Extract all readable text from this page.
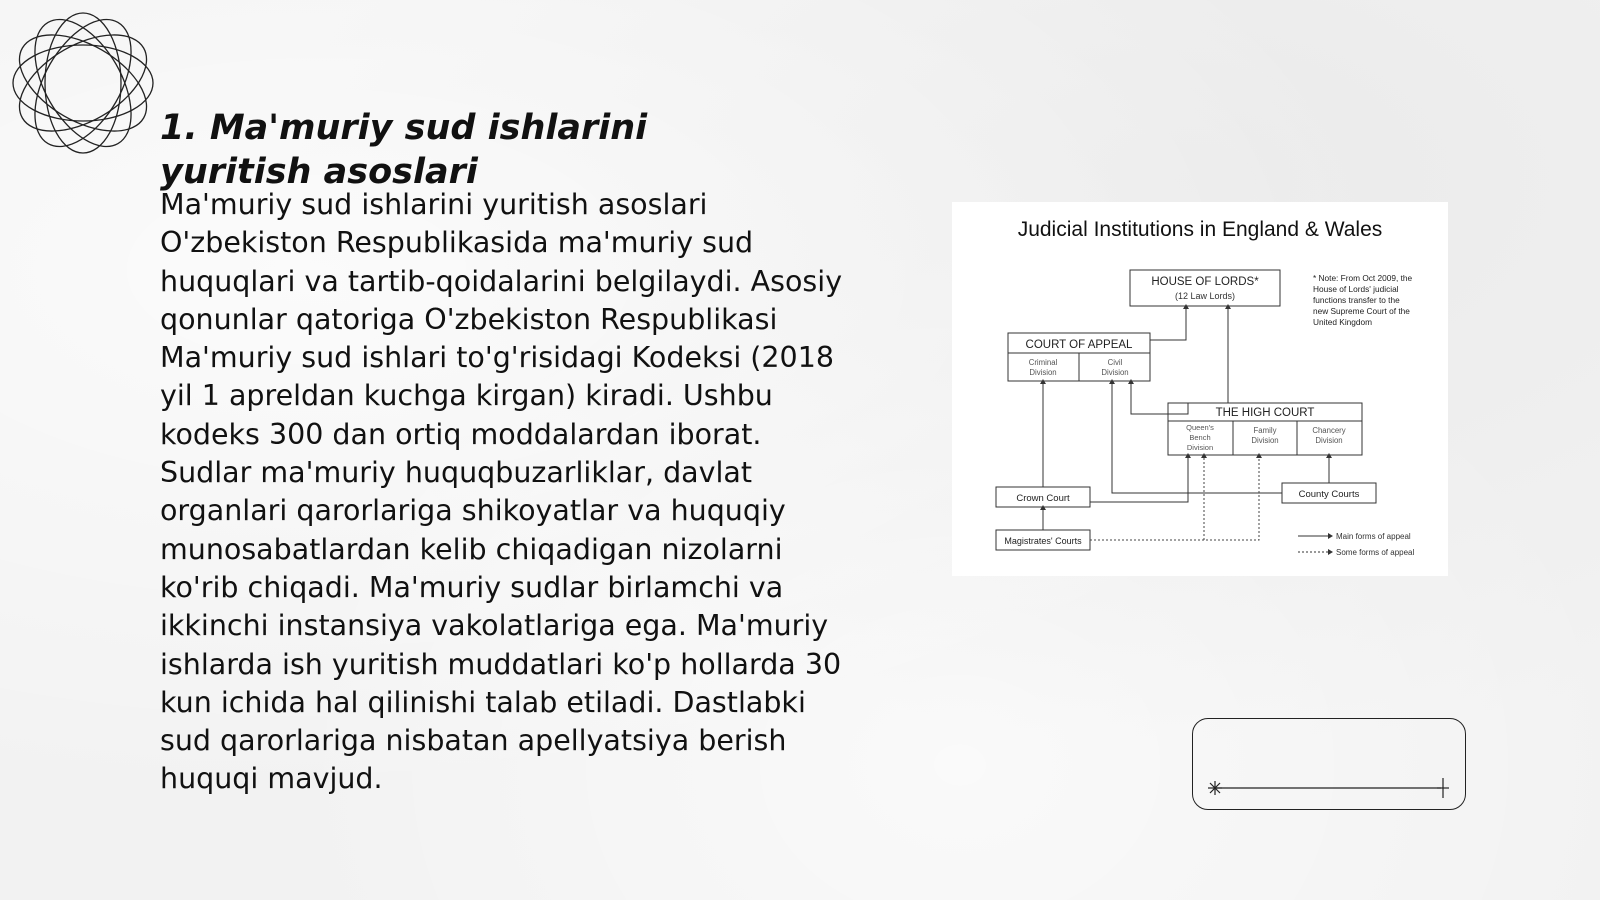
1. Ma'muriy sud ishlarini yuritish asoslari

Ma'muriy sud ishlarini yuritish asoslari O'zbekiston Respublikasida ma'muriy sud huquqlari va tartib-qoidalarini belgilaydi. Asosiy qonunlar qatoriga O'zbekiston Respublikasi Ma'muriy sud ishlari to'g'risidagi Kodeksi (2018 yil 1 apreldan kuchga kirgan) kiradi. Ushbu kodeks 300 dan ortiq moddalardan iborat. Sudlar ma'muriy huquqbuzarliklar, davlat organlari qarorlariga shikoyatlar va huquqiy munosabatlardan kelib chiqadigan nizolarni ko'rib chiqadi. Ma'muriy sudlar birlamchi va ikkinchi instansiya vakolatlariga ega. Ma'muriy ishlarda ish yuritish muddatlari ko'p hollarda 30 kun ichida hal qilinishi talab etiladi. Dastlabki sud qarorlariga nisbatan apellyatsiya berish huquqi mavjud.

Judicial Institutions in England & Wales
HOUSE OF LORDS*
(12 Law Lords)
* Note: From Oct 2009, the
House of Lords' judicial
functions transfer to the
new Supreme Court of the
United Kingdom
COURT OF APPEAL
Criminal
Division
Civil
Division
THE HIGH COURT
Queen's
Bench
Division
Family
Division
Chancery
Division
Crown Court	County Courts
Magistrates' Courts	Main forms of appeal
Some forms of appeal
